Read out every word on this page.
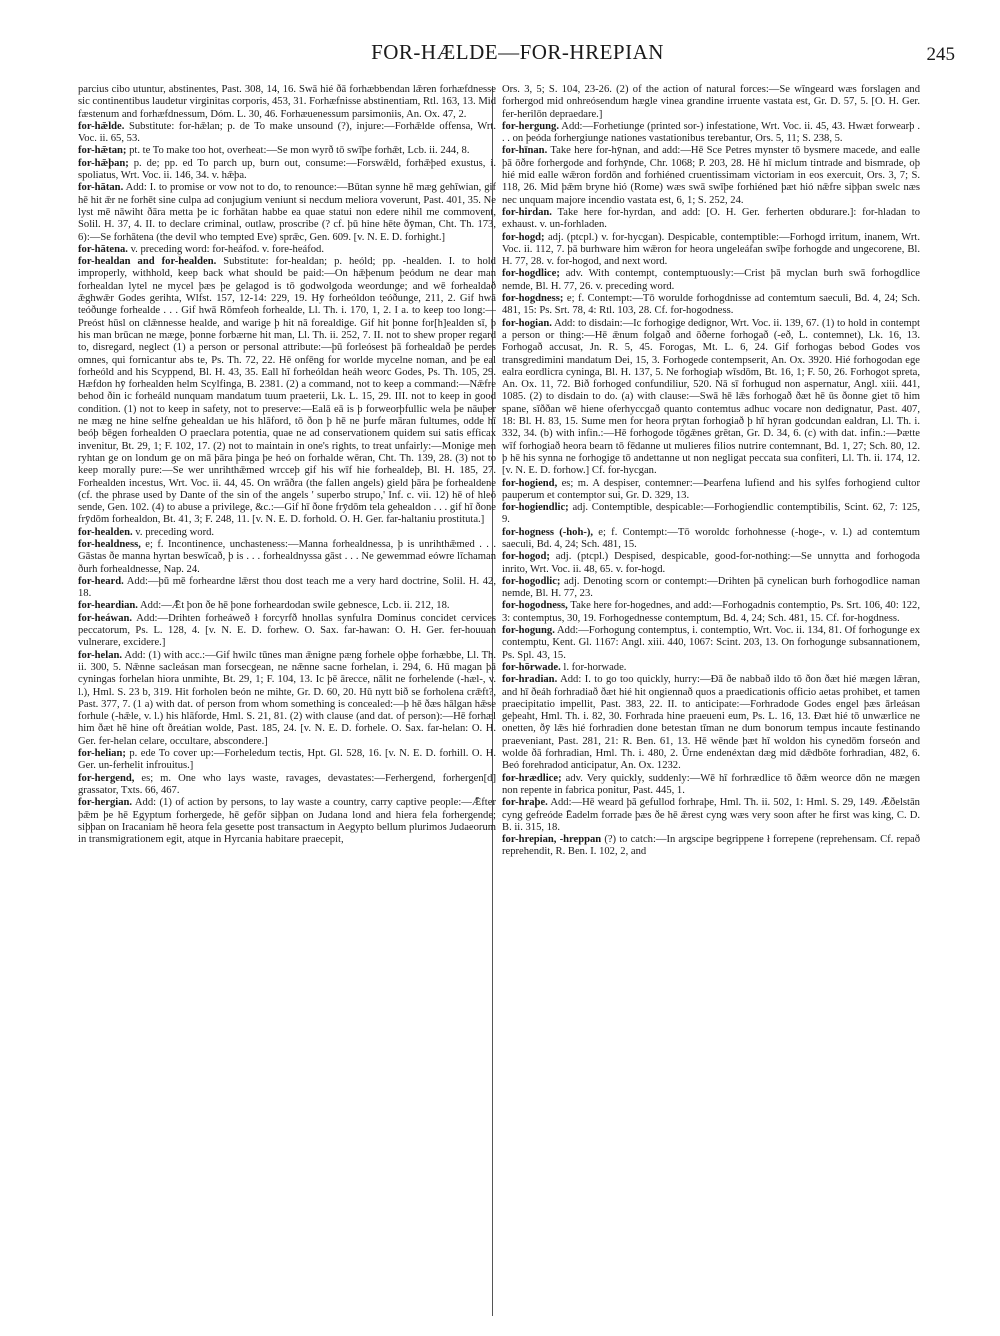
FOR-HÆLDE—FOR-HREPIAN	245

parcius cibo utuntur, abstinentes, Past. 308, 14, 16. Swā hié ðā forhæbbendan lǣren forhæfdnesse sic continentibus laudetur virginitas corporis, 453, 31. Forhæfnisse abstinentiam, Rtl. 163, 13. Mid fæstenum and forhæfdnessum, Dóm. L. 30, 46. Forhæuenessum parsimoniis, An. Ox. 47, 2.

for-hǣlde. Substitute: for-hǣlan; p. de To make unsound (?), injure:—Forhǣlde offensa, Wrt. Voc. ii. 65, 53.

for-hǣtan; pt. te To make too hot, overheat:—Se mon wyrð tō swīþe forhǣt, Lcb. ii. 244, 8.

for-hǣþan; p. de; pp. ed To parch up, burn out, consume:—Forswǣld, forhǣþed exustus, i. spoliatus, Wrt. Voc. ii. 146, 34. v. hǣþa.

for-hātan. Add: I. to promise or vow not to do, to renounce:—Būtan synne hē mæg gehīwian, gif hē hit ǣr ne forhēt sine culpa ad conjugium veniunt si necdum meliora voverunt, Past. 401, 35. Ne lyst mē nāwiht ðāra metta þe ic forhātan habbe ea quae statui non edere nihil me commovent, Solil. H. 37, 4. II. to declare criminal, outlaw, proscribe (? cf. þū hine hēte ðȳman, Cht. Th. 173, 6):—Se forhātena (the devil who tempted Eve) sprǣc, Gen. 609. [v. N. E. D. forhight.]

for-hātena. v. preceding word: for-heáfod. v. fore-heáfod.

for-healdan and for-healden. Substitute: for-healdan; p. heóld; pp. -healden. I. to hold improperly, withhold, keep back what should be paid:—On hǣþenum þeódum ne dear man forhealdan lytel ne mycel þæs þe gelagod is tō godwolgoda weordunge; and wē forhealdað ǣghwǣr Godes gerihta, Wlfst. 157, 12-14: 229, 19. Hȳ forheóldon teóðunge, 211, 2. Gif hwā teóðunge forhealde . . . Gif hwā Rōmfeoh forhealde, Ll. Th. i. 170, 1, 2. I a. to keep too long:—Preóst hūsl on clǣnnesse healde, and warige þ hit nā forealdige. Gif hit þonne for[h]ealden sī, þ his man brūcan ne mæge, þonne forbærne hit man, Ll. Th. ii. 252, 7. II. not to shew proper regard to, disregard, neglect (1) a person or personal attribute:—þū forleósest þā forhealdað þe perdes omnes, qui fornicantur abs te, Ps. Th. 72, 22. Hē onfēng for worlde mycelne noman, and þe eal forheóld and his Scyppend, Bl. H. 43, 35. Eall hī forheóldan heáh weorc Godes, Ps. Th. 105, 29. Hæfdon hȳ forhealden helm Scylfinga, B. 2381. (2) a command, not to keep a command:—Nǣfre behod ðin ic forheáld nunquam mandatum tuum praeterii, Lk. L. 15, 29. III. not to keep in good condition. (1) not to keep in safety, not to preserve:—Ealā eā is þ forweorþfullic wela þe nāuþer ne mæg ne hine selfne gehealdan ue his hlāford, tō ðon þ hē ne þurfe māran fultumes, odde hī beóþ bēgen forhealden O praeclara potentia, quae ne ad conservationem quidem sui satis efficax invenitur, Bt. 29, 1; F. 102, 17. (2) not to maintain in one's rights, to treat unfairly:—Monige men ryhtan ge on londum ge on mā þāra þinga þe heó on forhalde wēran, Cht. Th. 139, 28. (3) not to keep morally pure:—Se wer unrihthǣmed wrcceþ gif his wīf hie forhealdeþ, Bl. H. 185, 27. Forhealden incestus, Wrt. Voc. ii. 44, 45. On wrāðra (the fallen angels) gield þāra þe forhealdene (cf. the phrase used by Dante of the sin of the angels ' superbo strupo,' Inf. c. vii. 12) hē of hleó sende, Gen. 102. (4) to abuse a privilege, &c.:—Gif hī ðone frȳdōm tela gehealdon . . . gif hī ðone frȳdōm forhealdon, Bt. 41, 3; F. 248, 11. [v. N. E. D. forhold. O. H. Ger. far-haltaniu prostituta.]

for-healden. v. preceding word.

for-healdness, e; f. Incontinence, unchasteness:—Manna forhealdnessa, þ is unrihthǣmed . . . Gāstas ðe manna hyrtan beswīcað, þ is . . . forhealdnyssa gāst . . . Ne gewemmad eówre līchaman ðurh forhealdnesse, Nap. 24.

for-heard. Add:—þū mē forheardne lǣrst thou dost teach me a very hard doctrine, Solil. H. 42, 18.

for-heardian. Add:—Ǣt þon ðe hē þone forheardodan swile gebnesce, Lcb. ii. 212, 18.

for-heáwan. Add:—Drihten forheáweð ł forcyrfð hnollas synfulra Dominus concidet cervices peccatorum, Ps. L. 128, 4. [v. N. E. D. forhew. O. Sax. far-hawan: O. H. Ger. fer-houuan vulnerare, excidere.]

for-helan. Add: (1) with acc.:—Gif hwilc tūnes man ǣnigne pæng forhele oþþe forhæbbe, Ll. Th. ii. 300, 5. Nǣnne sacleásan man forsecgean, ne nǣnne sacne forhelan, i. 294, 6. Hū magan þā cyningas forhelan hiora unmihte, Bt. 29, 1; F. 104, 13. Ic þē ārecce, nālit ne forhelende (-hæl-, v. l.), Hml. S. 23 b, 319. Hit forholen beón ne mihte, Gr. D. 60, 20. Hū nytt bið se forholena crǣft?, Past. 377, 7. (1 a) with dat. of person from whom something is concealed:—þ hē ðæs hālgan hǣse forhule (-hǣle, v. l.) his hlāforde, Hml. S. 21, 81. (2) with clause (and dat. of person):—Hē forhæl him ðæt hē hine oft ðreátian wolde, Past. 185, 24. [v. N. E. D. forhele. O. Sax. far-helan: O. H. Ger. fer-helan celare, occultare, abscondere.]

for-helian; p. ede To cover up:—Forheledum tectis, Hpt. Gl. 528, 16. [v. N. E. D. forhill. O. H. Ger. un-ferhelit infrouitus.]

for-hergend, es; m. One who lays waste, ravages, devastates:—Ferhergend, forhergen[d] grassator, Txts. 66, 467.

for-hergian. Add: (1) of action by persons, to lay waste a country, carry captive people:—Ǣfter þǣm þe hē Egyptum forhergede, hē gefōr siþþan on Judana lond and hiera fela forhergende; siþþan on Iracaniam hē heora fela gesette post transactum in Aegypto bellum plurimos Judaeorum in transmigrationem egit, atque in Hyrcania habitare praecepit,

Ors. 3, 5; S. 104, 23-26. (2) of the action of natural forces:—Se wīngeard wæs forslagen and forhergod mid onhreósendum hægle vinea grandine irruente vastata est, Gr. D. 57, 5. [O. H. Ger. fer-herilōn depraedare.]

for-hergung. Add:—Forhetiunge (printed sor-) infestatione, Wrt. Voc. ii. 45, 43. Hwæt forwearþ . . . on þeóda forhergiunge nationes vastationibus terebantur, Ors. 5, 11; S. 238, 5.

for-hīnan. Take here for-hȳnan, and add:—Hē Sce Petres mynster tō bysmere macede, and ealle þā ōðre forhergode and forhȳnde, Chr. 1068; P. 203, 28. Hē hī miclum tintrade and bismrade, oþ hié mid ealle wǣron fordōn and forhiéned cruentissimam victoriam in eos exercuit, Ors. 3, 7; S. 118, 26. Mid þǣm bryne hió (Rome) wæs swā swīþe forhiéned þæt hió nǣfre siþþan swelc næs nec unquam majore incendio vastata est, 6, 1; S. 252, 24.

for-hirdan. Take here for-hyrdan, and add: [O. H. Ger. ferherten obdurare.]: for-hladan to exhaust. v. un-forhladen.

for-hogd; adj. (ptcpl.) v. for-hycgan). Despicable, contemptible:—Forhogd irritum, inanem, Wrt. Voc. ii. 112, 7. þā burhware him wǣron for heora ungeleáfan swīþe forhogde and ungecorene, Bl. H. 77, 28. v. for-hogod, and next word.

for-hogdlice; adv. With contempt, contemptuously:—Crist þā myclan burh swā forhogdlice nemde, Bl. H. 77, 26. v. preceding word.

for-hogdness; e; f. Contempt:—Tō worulde forhogdnisse ad contemtum saeculi, Bd. 4, 24; Sch. 481, 15: Ps. Srt. 78, 4: Rtl. 103, 28. Cf. for-hogodness.

for-hogian. Add: to disdain:—Ic forhogige dedignor, Wrt. Voc. ii. 139, 67. (1) to hold in contempt a person or thing:—Hē ǣnum folgað and ōðerne forhogað (-eð, L. contemnet), Lk. 16, 13. Forhogað accusat, Jn. R. 5, 45. Forogas, Mt. L. 6, 24. Gif forhogas bebod Godes vos transgredimini mandatum Dei, 15, 3. Forhogede contempserit, An. Ox. 3920. Hié forhogodan ege ealra eordlicra cyninga, Bl. H. 137, 5. Ne forhogiaþ wīsdōm, Bt. 16, 1; F. 50, 26. Forhogot spreta, An. Ox. 11, 72. Bið forhoged confundiliur, 520. Nā sī forhugud non aspernatur, Angl. xiii. 441, 1085. (2) to disdain to do. (a) with clause:—Swā hē lǣs forhogað ðæt hē ūs ðonne giet tō him spane, sīððan wē hiene oferhyccgað quanto contemtus adhuc vocare non dedignatur, Past. 407, 18: Bl. H. 83, 15. Sume men for heora prȳtan forhogiað þ hī hȳran godcundan ealdran, Ll. Th. i. 332, 34. (b) with infin.:—Hē forhogode tōgǣnes grētan, Gr. D. 34, 6. (c) with dat. infin.:—Þætte wīf forhogiað heora bearn tō fēdanne ut mulieres filios nutrire contemnant, Bd. 1, 27; Sch. 80, 12. þ hē his synna ne forhogige tō andettanne ut non negligat peccata sua confiteri, Ll. Th. ii. 174, 12. [v. N. E. D. forhow.] Cf. for-hycgan.

for-hogiend, es; m. A despiser, contemner:—Þearfena lufiend and his sylfes forhogiend cultor pauperum et contemptor sui, Gr. D. 329, 13.

for-hogiendlic; adj. Contemptible, despicable:—Forhogiendlic contemptibilis, Scint. 62, 7: 125, 9.

for-hogness (-hoh-), e; f. Contempt:—Tō woroldc forhohnesse (-hoge-, v. l.) ad contemtum saeculi, Bd. 4, 24; Sch. 481, 15.

for-hogod; adj. (ptcpl.) Despised, despicable, good-for-nothing:—Se unnytta and forhogoda inrito, Wrt. Voc. ii. 48, 65. v. for-hogd.

for-hogodlic; adj. Denoting scorn or contempt:—Drihten þā cynelican burh forhogodlice naman nemde, Bl. H. 77, 23.

for-hogodness, Take here for-hogednes, and add:—Forhogadnis contemptio, Ps. Srt. 106, 40: 122, 3: contemptus, 30, 19. Forhogednesse contemptum, Bd. 4, 24; Sch. 481, 15. Cf. for-hogdness.

for-hogung. Add:—Forhogung contemptus, i. contemptio, Wrt. Voc. ii. 134, 81. Of forhogunge ex contemptu, Kent. Gl. 1167: Angl. xiii. 440, 1067: Scint. 203, 13. On forhogunge subsannationem, Ps. Spl. 43, 15.

for-hōrwade. l. for-horwade.

for-hradian. Add: I. to go too quickly, hurry:—Ðā ðe nabbað ildo tō ðon ðæt hié mægen lǣran, and hī ðeáh forhradiað ðæt hié hit ongiennað quos a praedicationis officio aetas prohibet, et tamen praecipitatio impellit, Past. 383, 22. II. to anticipate:—Forhradode Godes engel þæs ārleásan geþeaht, Hml. Th. i. 82, 30. Forhrada hine praeueni eum, Ps. L. 16, 13. Ðæt hié tō unwærlice ne onetten, ðȳ lǣs hié forhradien done betestan tīman ne dum bonorum tempus incaute festinando praeveniant, Past. 281, 21: R. Ben. 61, 13. Hē wēnde þæt hī woldon his cynedōm forseón and wolde ðā forhradian, Hml. Th. i. 480, 2. Ūrne endenéxtan dæg mid dǣdbōte forhradian, 482, 6. Beó forehradod anticipatur, An. Ox. 1232.

for-hrædlice; adv. Very quickly, suddenly:—Wē hī forhrædlice tō ðǣm weorce dōn ne mægen non repente in fabrica ponitur, Past. 445, 1.

for-hraþe. Add:—Hē weard þā gefullod forhraþe, Hml. Th. ii. 502, 1: Hml. S. 29, 149. Ǣðelstān cyng gefreóde Ēadelm forrade þæs ðe hē ǣrest cyng wæs very soon after he first was king, C. D. B. ii. 315, 18.

for-hrepian, -hreppan (?) to catch:—In argscipe begrippene ł forrepene (reprehensam. Cf. repað reprehendit, R. Ben. I. 102, 2, and
